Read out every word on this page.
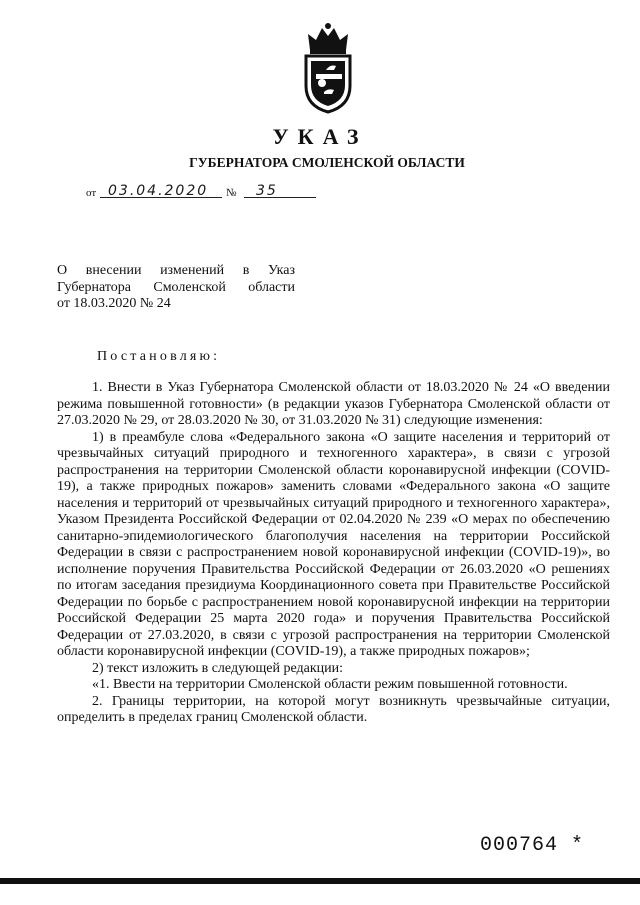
УКАЗ
ГУБЕРНАТОРА СМОЛЕНСКОЙ ОБЛАСТИ
от 03.04.2020 № 35
О внесении изменений в Указ
Губернатора Смоленской области
от 18.03.2020 № 24
Постановляю:

1. Внести в Указ Губернатора Смоленской области от 18.03.2020 № 24 «О введении режима повышенной готовности» (в редакции указов Губернатора Смоленской области от 27.03.2020 № 29, от 28.03.2020 № 30, от 31.03.2020 № 31) следующие изменения:

1) в преамбуле слова «Федерального закона «О защите населения и территорий от чрезвычайных ситуаций природного и техногенного характера», в связи с угрозой распространения на территории Смоленской области коронавирусной инфекции (COVID-19), а также природных пожаров» заменить словами «Федерального закона «О защите населения и территорий от чрезвычайных ситуаций природного и техногенного характера», Указом Президента Российской Федерации от 02.04.2020 № 239 «О мерах по обеспечению санитарно-эпидемиологического благополучия населения на территории Российской Федерации в связи с распространением новой коронавирусной инфекции (COVID-19)», во исполнение поручения Правительства Российской Федерации от 26.03.2020 «О решениях по итогам заседания президиума Координационного совета при Правительстве Российской Федерации по борьбе с распространением новой коронавирусной инфекции на территории Российской Федерации 25 марта 2020 года» и поручения Правительства Российской Федерации от 27.03.2020, в связи с угрозой распространения на территории Смоленской области коронавирусной инфекции (COVID-19), а также природных пожаров»;

2) текст изложить в следующей редакции:

«1. Ввести на территории Смоленской области режим повышенной готовности.

2. Границы территории, на которой могут возникнуть чрезвычайные ситуации, определить в пределах границ Смоленской области.

000764 *
